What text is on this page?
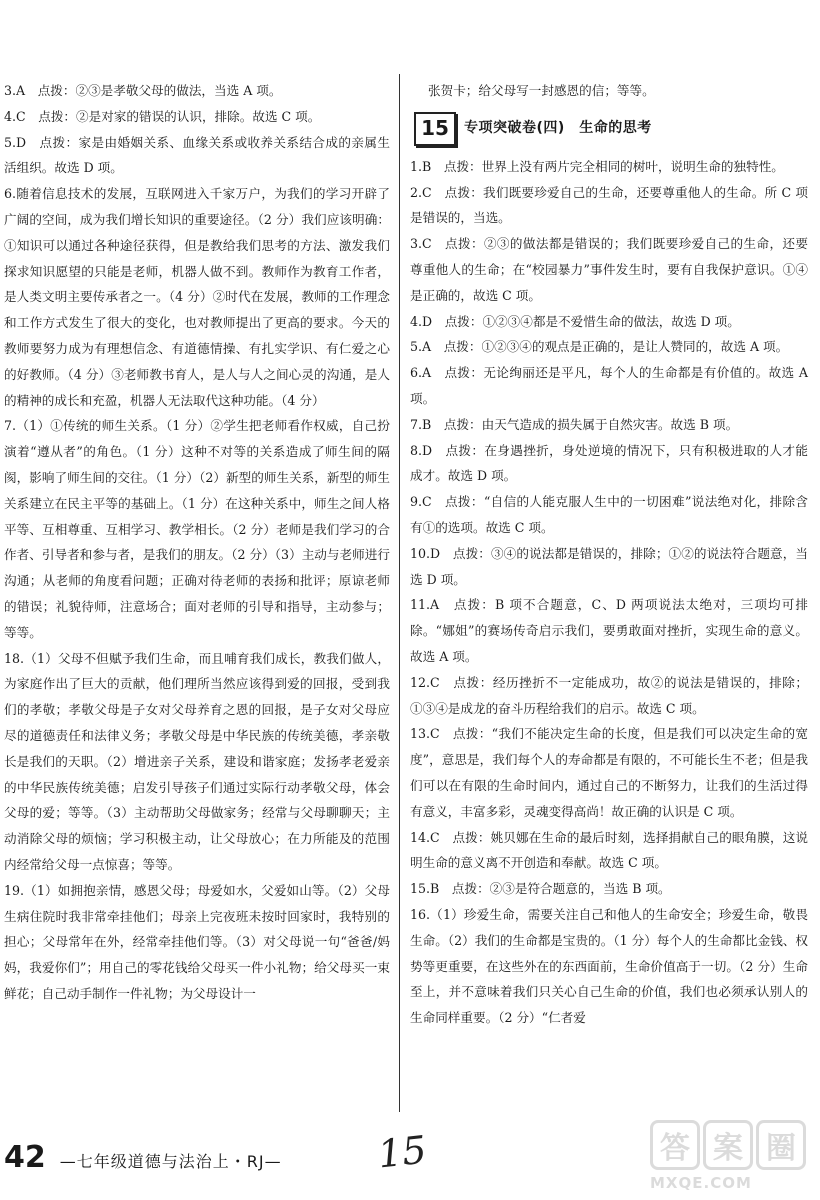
3.A　点拨：②③是孝敬父母的做法，当选 A 项。

4.C　点拨：②是对家的错误的认识，排除。故选 C 项。

5.D　点拨：家是由婚姻关系、血缘关系或收养关系结合成的亲属生活组织。故选 D 项。

6.随着信息技术的发展，互联网进入千家万户，为我们的学习开辟了广阔的空间，成为我们增长知识的重要途径。（2 分）我们应该明确：①知识可以通过各种途径获得，但是教给我们思考的方法、激发我们探求知识愿望的只能是老师，机器人做不到。教师作为教育工作者，是人类文明主要传承者之一。（4 分）②时代在发展，教师的工作理念和工作方式发生了很大的变化，也对教师提出了更高的要求。今天的教师要努力成为有理想信念、有道德情操、有扎实学识、有仁爱之心的好教师。（4 分）③老师教书育人，是人与人之间心灵的沟通，是人的精神的成长和充盈，机器人无法取代这种功能。（4 分）

7.（1）①传统的师生关系。（1 分）②学生把老师看作权威，自己扮演着“遵从者”的角色。（1 分）这种不对等的关系造成了师生间的隔阂，影响了师生间的交往。（1 分）（2）新型的师生关系，新型的师生关系建立在民主平等的基础上。（1 分）在这种关系中，师生之间人格平等、互相尊重、互相学习、教学相长。（2 分）老师是我们学习的合作者、引导者和参与者，是我们的朋友。（2 分）（3）主动与老师进行沟通；从老师的角度看问题；正确对待老师的表扬和批评；原谅老师的错误；礼貌待师，注意场合；面对老师的引导和指导，主动参与；等等。

18.（1）父母不但赋予我们生命，而且哺育我们成长，教我们做人，为家庭作出了巨大的贡献，他们理所当然应该得到爱的回报，受到我们的孝敬；孝敬父母是子女对父母养育之恩的回报，是子女对父母应尽的道德责任和法律义务；孝敬父母是中华民族的传统美德，孝亲敬长是我们的天职。（2）增进亲子关系，建设和谐家庭；发扬孝老爱亲的中华民族传统美德；启发引导孩子们通过实际行动孝敬父母，体会父母的爱；等等。（3）主动帮助父母做家务；经常与父母聊聊天；主动消除父母的烦恼；学习积极主动，让父母放心；在力所能及的范围内经常给父母一点惊喜；等等。

19.（1）如拥抱亲情，感恩父母；母爱如水，父爱如山等。（2）父母生病住院时我非常牵挂他们；母亲上完夜班未按时回家时，我特别的担心；父母常年在外，经常牵挂他们等。（3）对父母说一句“爸爸/妈妈，我爱你们”；用自己的零花钱给父母买一件小礼物；给父母买一束鲜花；自己动手制作一件礼物；为父母设计一

张贺卡；给父母写一封感恩的信；等等。

15	专项突破卷(四)　生命的思考

1.B　点拨：世界上没有两片完全相同的树叶，说明生命的独特性。

2.C　点拨：我们既要珍爱自己的生命，还要尊重他人的生命。所 C 项是错误的，当选。

3.C　点拨：②③的做法都是错误的；我们既要珍爱自己的生命，还要尊重他人的生命；在“校园暴力”事件发生时，要有自我保护意识。①④是正确的，故选 C 项。

4.D　点拨：①②③④都是不爱惜生命的做法，故选 D 项。

5.A　点拨：①②③④的观点是正确的，是让人赞同的，故选 A 项。

6.A　点拨：无论绚丽还是平凡，每个人的生命都是有价值的。故选 A 项。

7.B　点拨：由天气造成的损失属于自然灾害。故选 B 项。

8.D　点拨：在身遇挫折，身处逆境的情况下，只有积极进取的人才能成才。故选 D 项。

9.C　点拨：“自信的人能克服人生中的一切困难”说法绝对化，排除含有①的选项。故选 C 项。

10.D　点拨：③④的说法都是错误的，排除；①②的说法符合题意，当选 D 项。

11.A　点拨：B 项不合题意，C、D 两项说法太绝对，三项均可排除。“娜姐”的赛场传奇启示我们，要勇敢面对挫折，实现生命的意义。故选 A 项。

12.C　点拨：经历挫折不一定能成功，故②的说法是错误的，排除；①③④是成龙的奋斗历程给我们的启示。故选 C 项。

13.C　点拨：“我们不能决定生命的长度，但是我们可以决定生命的宽度”，意思是，我们每个人的寿命都是有限的，不可能长生不老；但是我们可以在有限的生命时间内，通过自己的不断努力，让我们的生活过得有意义，丰富多彩，灵魂变得高尚！故正确的认识是 C 项。

14.C　点拨：姚贝娜在生命的最后时刻，选择捐献自己的眼角膜，这说明生命的意义离不开创造和奉献。故选 C 项。

15.B　点拨：②③是符合题意的，当选 B 项。

16.（1）珍爱生命，需要关注自己和他人的生命安全；珍爱生命，敬畏生命。（2）我们的生命都是宝贵的。（1 分）每个人的生命都比金钱、权势等更重要，在这些外在的东西面前，生命价值高于一切。（2 分）生命至上，并不意味着我们只关心自己生命的价值，我们也必须承认别人的生命同样重要。（2 分）“仁者爱

42 —七年级道德与法治上・RJ— 15	答 案 圈
MXQE.COM
